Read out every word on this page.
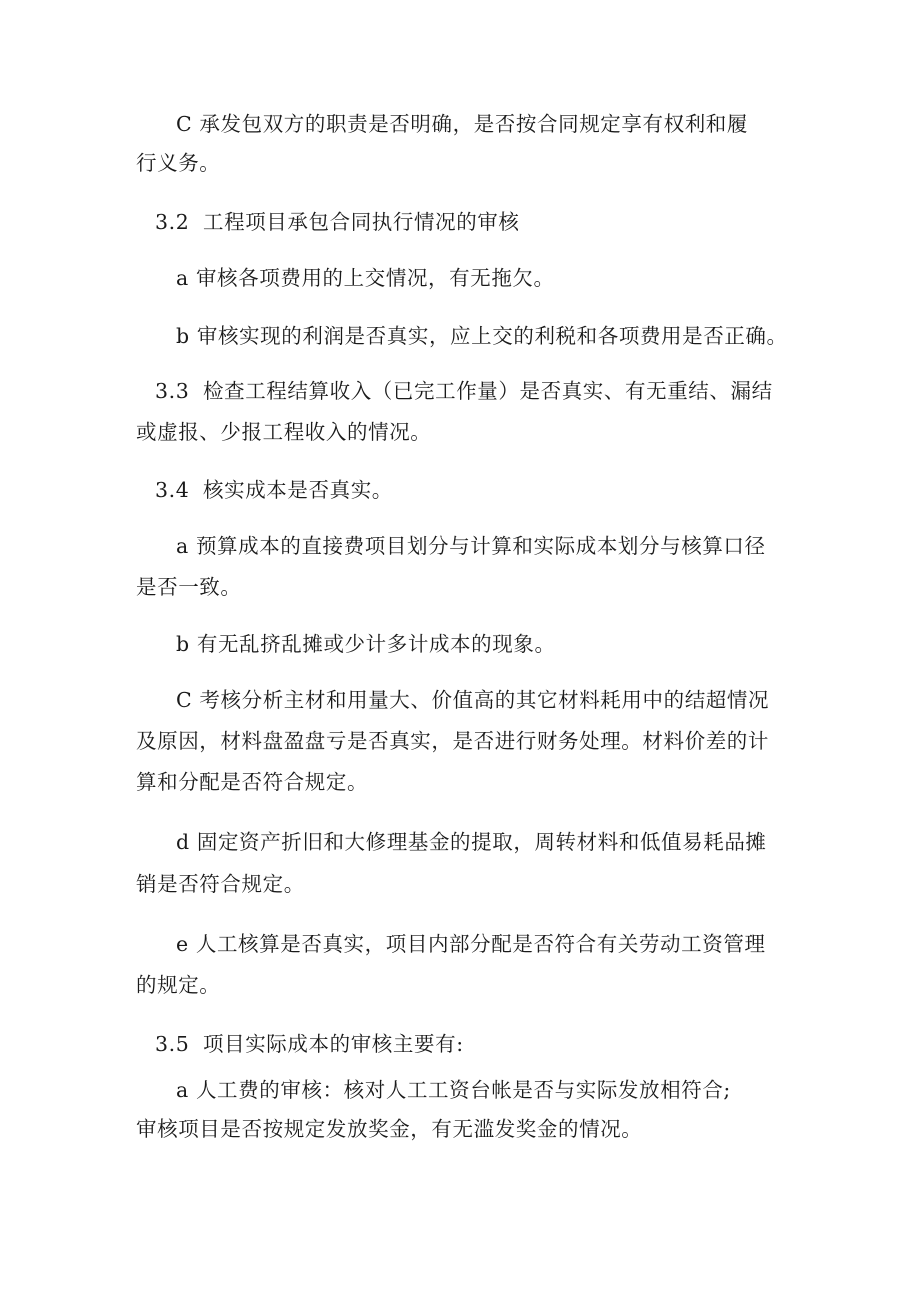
C 承发包双方的职责是否明确，是否按合同规定享有权利和履
行义务。
3.2 工程项目承包合同执行情况的审核
a 审核各项费用的上交情况，有无拖欠。
b 审核实现的利润是否真实，应上交的利税和各项费用是否正确。
3.3 检查工程结算收入（已完工作量）是否真实、有无重结、漏结
或虚报、少报工程收入的情况。
3.4 核实成本是否真实。
a 预算成本的直接费项目划分与计算和实际成本划分与核算口径
是否一致。
b 有无乱挤乱摊或少计多计成本的现象。
C 考核分析主材和用量大、价值高的其它材料耗用中的结超情况
及原因，材料盘盈盘亏是否真实，是否进行财务处理。材料价差的计
算和分配是否符合规定。
d 固定资产折旧和大修理基金的提取，周转材料和低值易耗品摊
销是否符合规定。
e 人工核算是否真实，项目内部分配是否符合有关劳动工资管理
的规定。
3.5 项目实际成本的审核主要有:
a 人工费的审核：核对人工工资台帐是否与实际发放相符合;
审核项目是否按规定发放奖金，有无滥发奖金的情况。
